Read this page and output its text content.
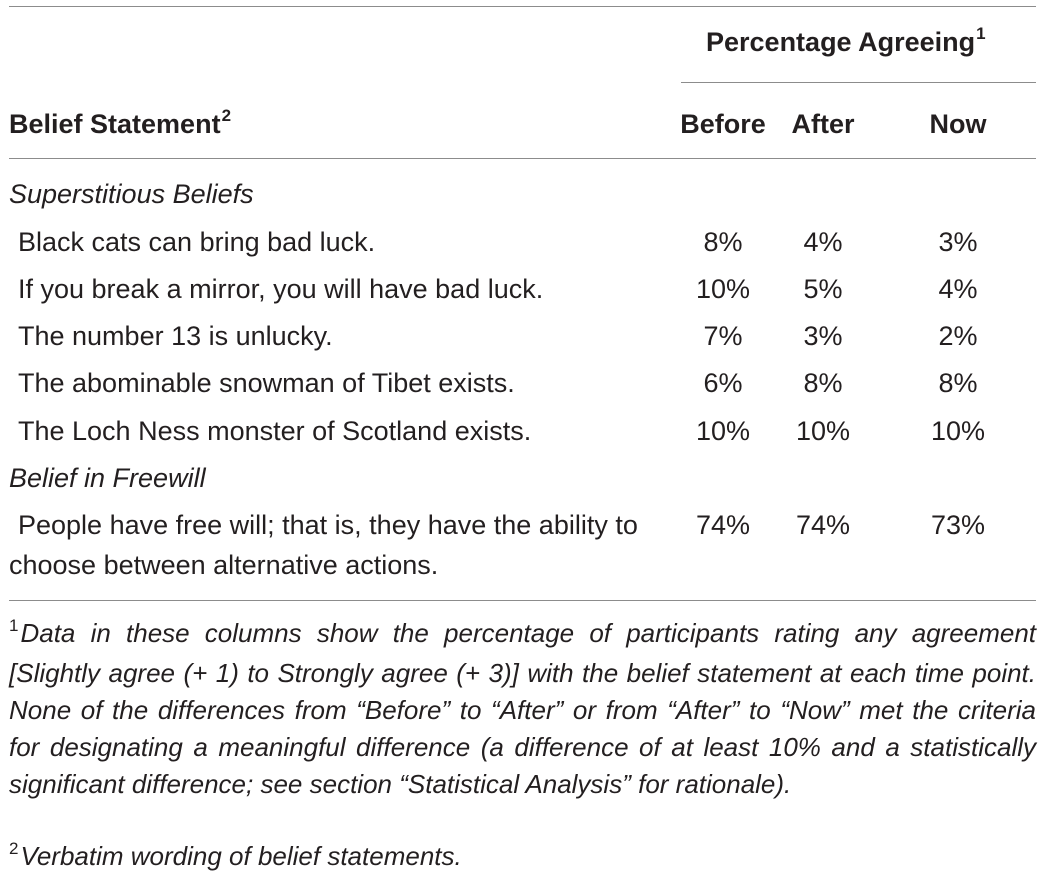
Percentage Agreeing$^1$
Belief Statement$^2$	Before After	Now
Superstitious Beliefs
Black cats can bring bad luck.	8%	4%	3%
If you break a mirror, you will have bad luck.	10%	5%	4%
The number 13 is unlucky.	7%	3%	2%
The abominable snowman of Tibet exists.	6%	8%	8%
The Loch Ness monster of Scotland exists.	10%	10%	10%
Belief in Freewill
People have free will; that is, they have the ability to
choose between alternative actions.
74%	74%	73%
$^1$Data in these columns show the percentage of participants rating any agreement [Slightly agree (+ 1) to Strongly agree (+ 3)] with the belief statement at each time point. None of the differences from “Before” to “After” or from “After” to “Now” met the criteria for designating a meaningful difference (a difference of at least 10% and a statistically significant difference; see section “Statistical Analysis” for rationale).
$^2$Verbatim wording of belief statements.
